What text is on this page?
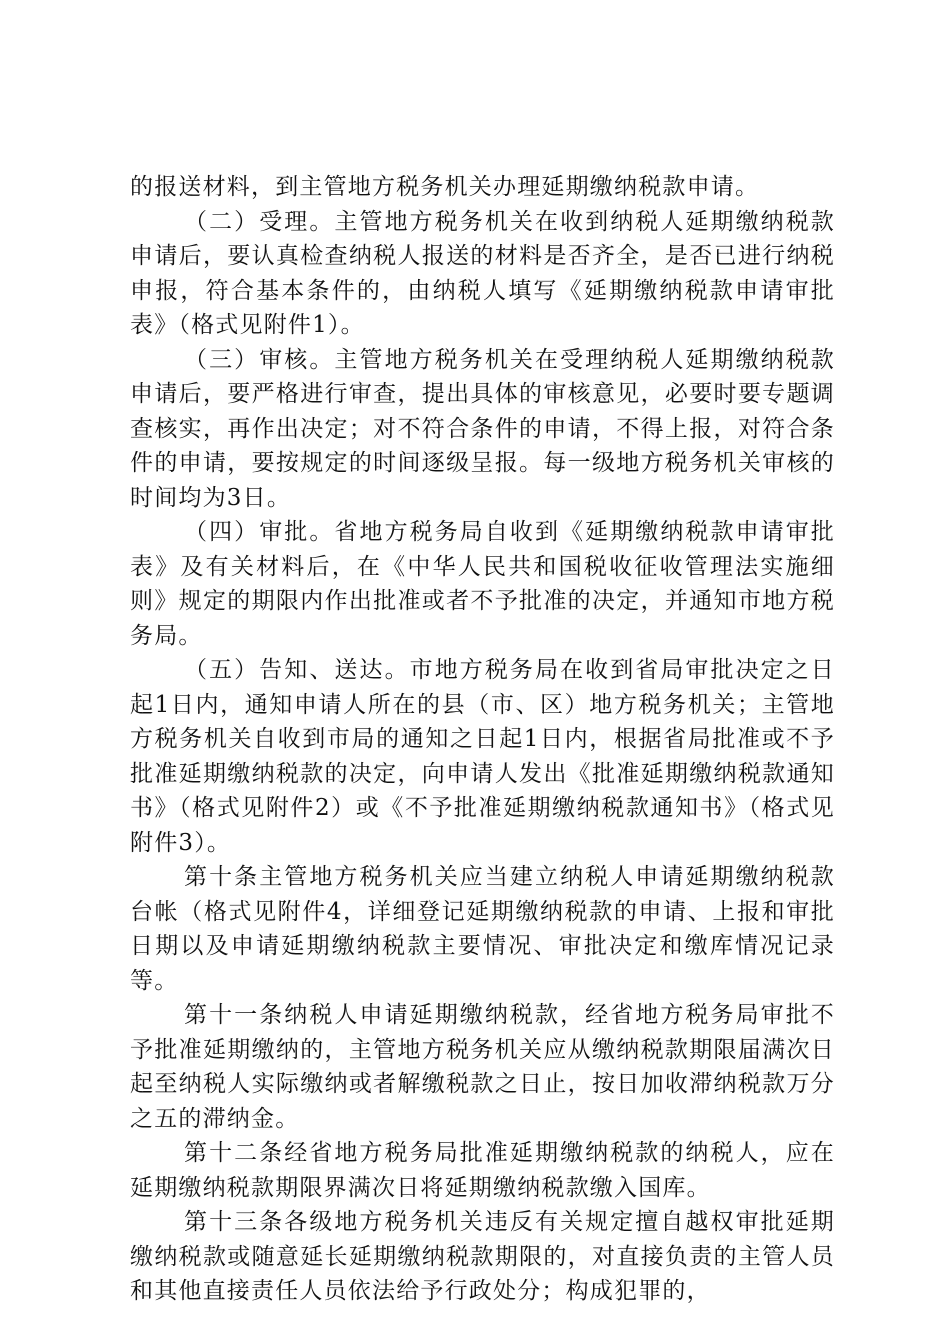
的报送材料，到主管地方税务机关办理延期缴纳税款申请。

（二）受理。主管地方税务机关在收到纳税人延期缴纳税款申请后，要认真检查纳税人报送的材料是否齐全，是否已进行纳税申报，符合基本条件的，由纳税人填写《延期缴纳税款申请审批表》（格式见附件1）。

（三）审核。主管地方税务机关在受理纳税人延期缴纳税款申请后，要严格进行审查，提出具体的审核意见，必要时要专题调查核实，再作出决定；对不符合条件的申请，不得上报，对符合条件的申请，要按规定的时间逐级呈报。每一级地方税务机关审核的时间均为3日。

（四）审批。省地方税务局自收到《延期缴纳税款申请审批表》及有关材料后，在《中华人民共和国税收征收管理法实施细则》规定的期限内作出批准或者不予批准的决定，并通知市地方税务局。

（五）告知、送达。市地方税务局在收到省局审批决定之日起1日内，通知申请人所在的县（市、区）地方税务机关；主管地方税务机关自收到市局的通知之日起1日内，根据省局批准或不予批准延期缴纳税款的决定，向申请人发出《批准延期缴纳税款通知书》（格式见附件2）或《不予批准延期缴纳税款通知书》（格式见附件3）。

第十条主管地方税务机关应当建立纳税人申请延期缴纳税款台帐（格式见附件4，详细登记延期缴纳税款的申请、上报和审批日期以及申请延期缴纳税款主要情况、审批决定和缴库情况记录等。

第十一条纳税人申请延期缴纳税款，经省地方税务局审批不予批准延期缴纳的，主管地方税务机关应从缴纳税款期限届满次日起至纳税人实际缴纳或者解缴税款之日止，按日加收滞纳税款万分之五的滞纳金。

第十二条经省地方税务局批准延期缴纳税款的纳税人，应在延期缴纳税款期限界满次日将延期缴纳税款缴入国库。

第十三条各级地方税务机关违反有关规定擅自越权审批延期缴纳税款或随意延长延期缴纳税款期限的，对直接负责的主管人员和其他直接责任人员依法给予行政处分；构成犯罪的，
